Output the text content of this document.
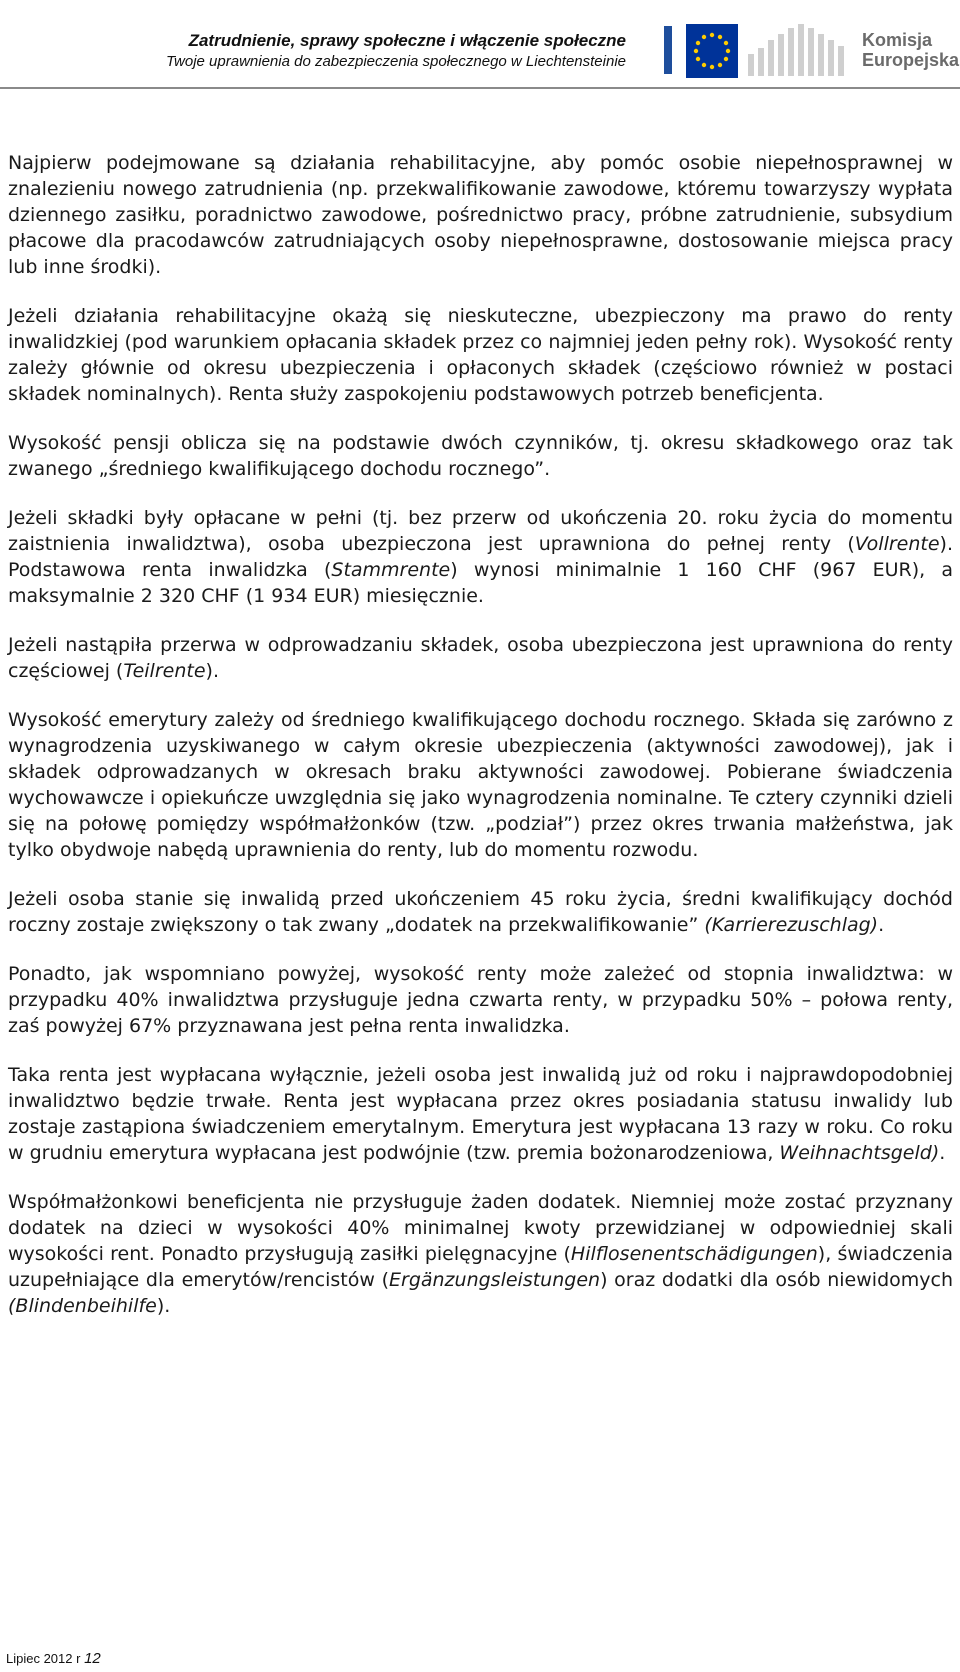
Zatrudnienie, sprawy społeczne i włączenie społeczne
Twoje uprawnienia do zabezpieczenia społecznego w Liechtensteinie
Komisja
Europejska

Najpierw podejmowane są działania rehabilitacyjne, aby pomóc osobie niepełnosprawnej w znalezieniu nowego zatrudnienia (np. przekwalifikowanie zawodowe, któremu towarzyszy wypłata dziennego zasiłku, poradnictwo zawodowe, pośrednictwo pracy, próbne zatrudnienie, subsydium płacowe dla pracodawców zatrudniających osoby niepełnosprawne, dostosowanie miejsca pracy lub inne środki).

Jeżeli działania rehabilitacyjne okażą się nieskuteczne, ubezpieczony ma prawo do renty inwalidzkiej (pod warunkiem opłacania składek przez co najmniej jeden pełny rok). Wysokość renty zależy głównie od okresu ubezpieczenia i opłaconych składek (częściowo również w postaci składek nominalnych). Renta służy zaspokojeniu podstawowych potrzeb beneficjenta.

Wysokość pensji oblicza się na podstawie dwóch czynników, tj. okresu składkowego oraz tak zwanego „średniego kwalifikującego dochodu rocznego”.

Jeżeli składki były opłacane w pełni (tj. bez przerw od ukończenia 20. roku życia do momentu zaistnienia inwalidztwa), osoba ubezpieczona jest uprawniona do pełnej renty (Vollrente). Podstawowa renta inwalidzka (Stammrente) wynosi minimalnie 1 160 CHF (967 EUR), a maksymalnie 2 320 CHF (1 934 EUR) miesięcznie.

Jeżeli nastąpiła przerwa w odprowadzaniu składek, osoba ubezpieczona jest uprawniona do renty częściowej (Teilrente).

Wysokość emerytury zależy od średniego kwalifikującego dochodu rocznego. Składa się zarówno z wynagrodzenia uzyskiwanego w całym okresie ubezpieczenia (aktywności zawodowej), jak i składek odprowadzanych w okresach braku aktywności zawodowej. Pobierane świadczenia wychowawcze i opiekuńcze uwzględnia się jako wynagrodzenia nominalne. Te cztery czynniki dzieli się na połowę pomiędzy współmałżonków (tzw. „podział”) przez okres trwania małżeństwa, jak tylko obydwoje nabędą uprawnienia do renty, lub do momentu rozwodu.

Jeżeli osoba stanie się inwalidą przed ukończeniem 45 roku życia, średni kwalifikujący dochód roczny zostaje zwiększony o tak zwany „dodatek na przekwalifikowanie” (Karrierezuschlag).

Ponadto, jak wspomniano powyżej, wysokość renty może zależeć od stopnia inwalidztwa: w przypadku 40% inwalidztwa przysługuje jedna czwarta renty, w przypadku 50% – połowa renty, zaś powyżej 67% przyznawana jest pełna renta inwalidzka.

Taka renta jest wypłacana wyłącznie, jeżeli osoba jest inwalidą już od roku i najprawdopodobniej inwalidztwo będzie trwałe. Renta jest wypłacana przez okres posiadania statusu inwalidy lub zostaje zastąpiona świadczeniem emerytalnym. Emerytura jest wypłacana 13 razy w roku. Co roku w grudniu emerytura wypłacana jest podwójnie (tzw. premia bożonarodzeniowa, Weihnachtsgeld).

Współmałżonkowi beneficjenta nie przysługuje żaden dodatek. Niemniej może zostać przyznany dodatek na dzieci w wysokości 40% minimalnej kwoty przewidzianej w odpowiedniej skali wysokości rent. Ponadto przysługują zasiłki pielęgnacyjne (Hilflosenentschädigungen), świadczenia uzupełniające dla emerytów/rencistów (Ergänzungsleistungen) oraz dodatki dla osób niewidomych (Blindenbeihilfe).

Lipiec 2012 r 12
